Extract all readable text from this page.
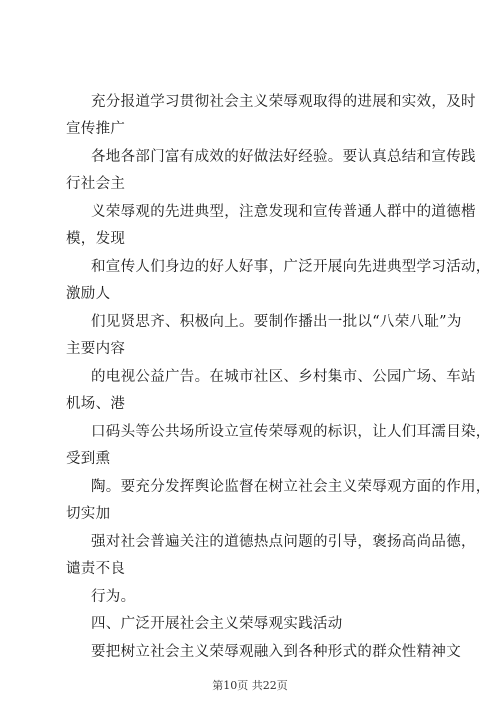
充分报道学习贯彻社会主义荣辱观取得的进展和实效，及时
宣传推广
各地各部门富有成效的好做法好经验。要认真总结和宣传践
行社会主
义荣辱观的先进典型，注意发现和宣传普通人群中的道德楷
模，发现
和宣传人们身边的好人好事，广泛开展向先进典型学习活动，
激励人
们见贤思齐、积极向上。要制作播出一批以“八荣八耻”为
主要内容
的电视公益广告。在城市社区、乡村集市、公园广场、车站
机场、港
口码头等公共场所设立宣传荣辱观的标识，让人们耳濡目染，
受到熏
陶。要充分发挥舆论监督在树立社会主义荣辱观方面的作用，
切实加
强对社会普遍关注的道德热点问题的引导，褒扬高尚品德，
谴责不良
行为。
四、广泛开展社会主义荣辱观实践活动
要把树立社会主义荣辱观融入到各种形式的群众性精神文
第10页 共22页
